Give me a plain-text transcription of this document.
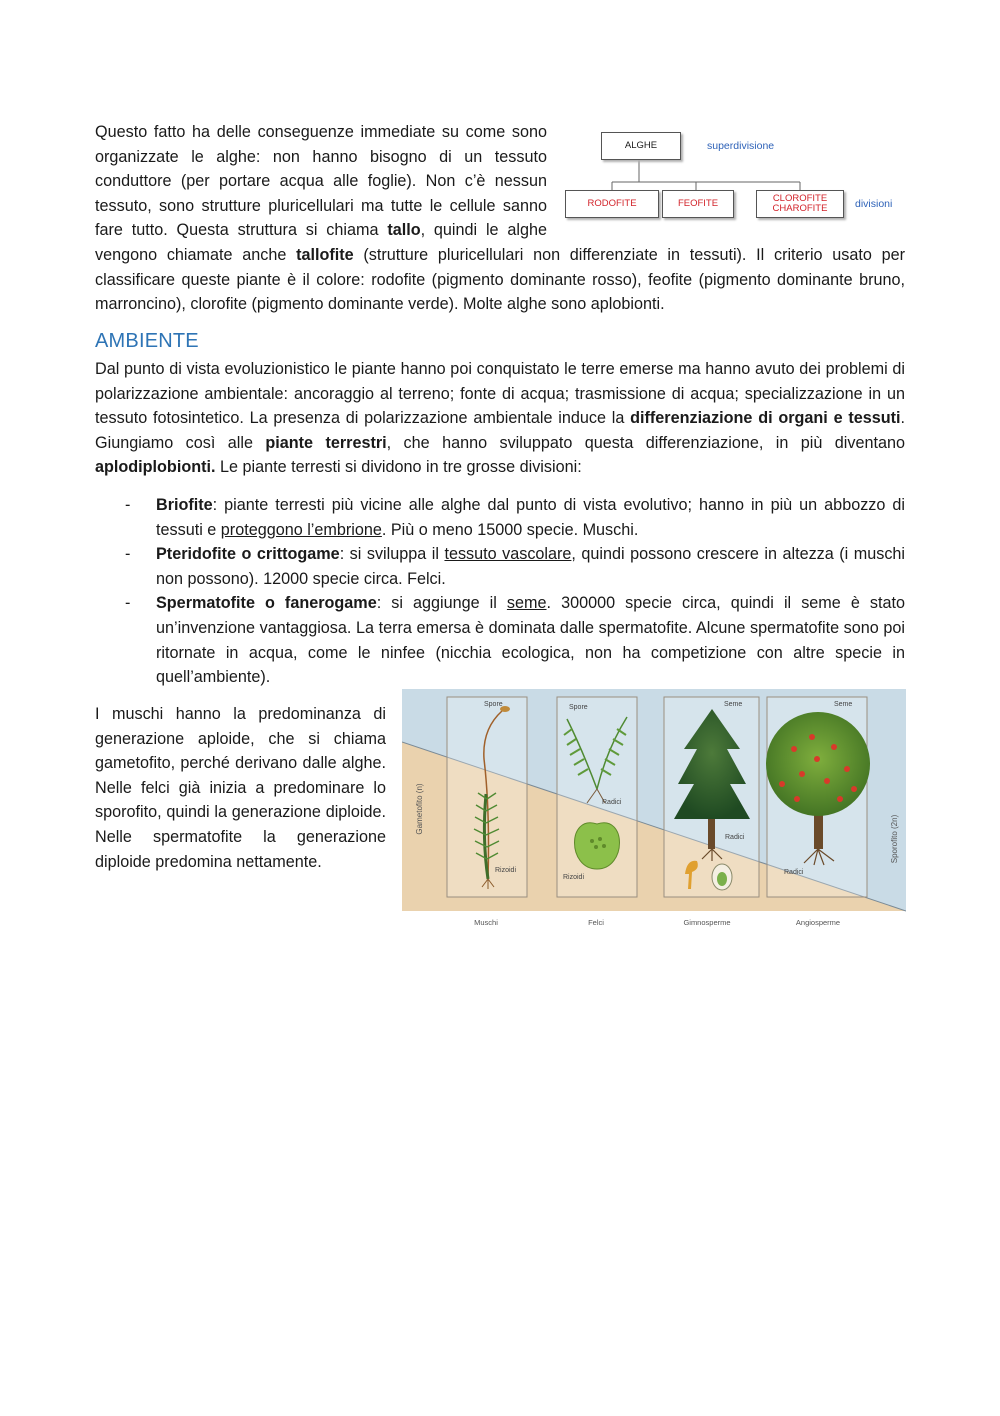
ALGHE	superdivisione
RODOFITE	FEOFITE	CLOROFITE
CHAROFITE	divisioni

Questo fatto ha delle conseguenze immediate su come sono organizzate le alghe: non hanno bisogno di un tessuto conduttore (per portare acqua alle foglie). Non c’è nessun tessuto, sono strutture pluricellulari ma tutte le cellule sanno fare tutto. Questa struttura si chiama tallo, quindi le alghe vengono chiamate anche tallofite (strutture pluricellulari non differenziate in tessuti). Il criterio usato per classificare queste piante è il colore: rodofite (pigmento dominante rosso), feofite (pigmento dominante bruno, marroncino), clorofite (pigmento dominante verde). Molte alghe sono aplobionti.

AMBIENTE

Dal punto di vista evoluzionistico le piante hanno poi conquistato le terre emerse ma hanno avuto dei problemi di polarizzazione ambientale: ancoraggio al terreno; fonte di acqua; trasmissione di acqua; specializzazione in un tessuto fotosintetico. La presenza di polarizzazione ambientale induce la differenziazione di organi e tessuti. Giungiamo così alle piante terrestri, che hanno sviluppato questa differenziazione, in più diventano aplodiplobionti. Le piante terresti si dividono in tre grosse divisioni:

- Briofite: piante terresti più vicine alle alghe dal punto di vista evolutivo; hanno in più un abbozzo di tessuti e proteggono l’embrione. Più o meno 15000 specie. Muschi.
- Pteridofite o crittogame: si sviluppa il tessuto vascolare, quindi possono crescere in altezza (i muschi non possono). 12000 specie circa. Felci.
- Spermatofite o fanerogame: si aggiunge il seme. 300000 specie circa, quindi il seme è stato un’invenzione vantaggiosa. La terra emersa è dominata dalle spermatofite. Alcune spermatofite sono poi ritornate in acqua, come le ninfee (nicchia ecologica, non ha competizione con altre specie in quell’ambiente).

I muschi hanno la predominanza di generazione aploide, che si chiama gametofito, perché derivano dalle alghe. Nelle felci già inizia a predominare lo sporofito, quindi la generazione diploide. Nelle spermatofite la generazione diploide predomina nettamente.

Gametofito (n)
Sporofito (2n)
Spore	Spore	Seme	Seme
Rizoidi
Rizoidi
Radici
Radici
Radici
Muschi	Felci	Gimnosperme	Angiosperme
